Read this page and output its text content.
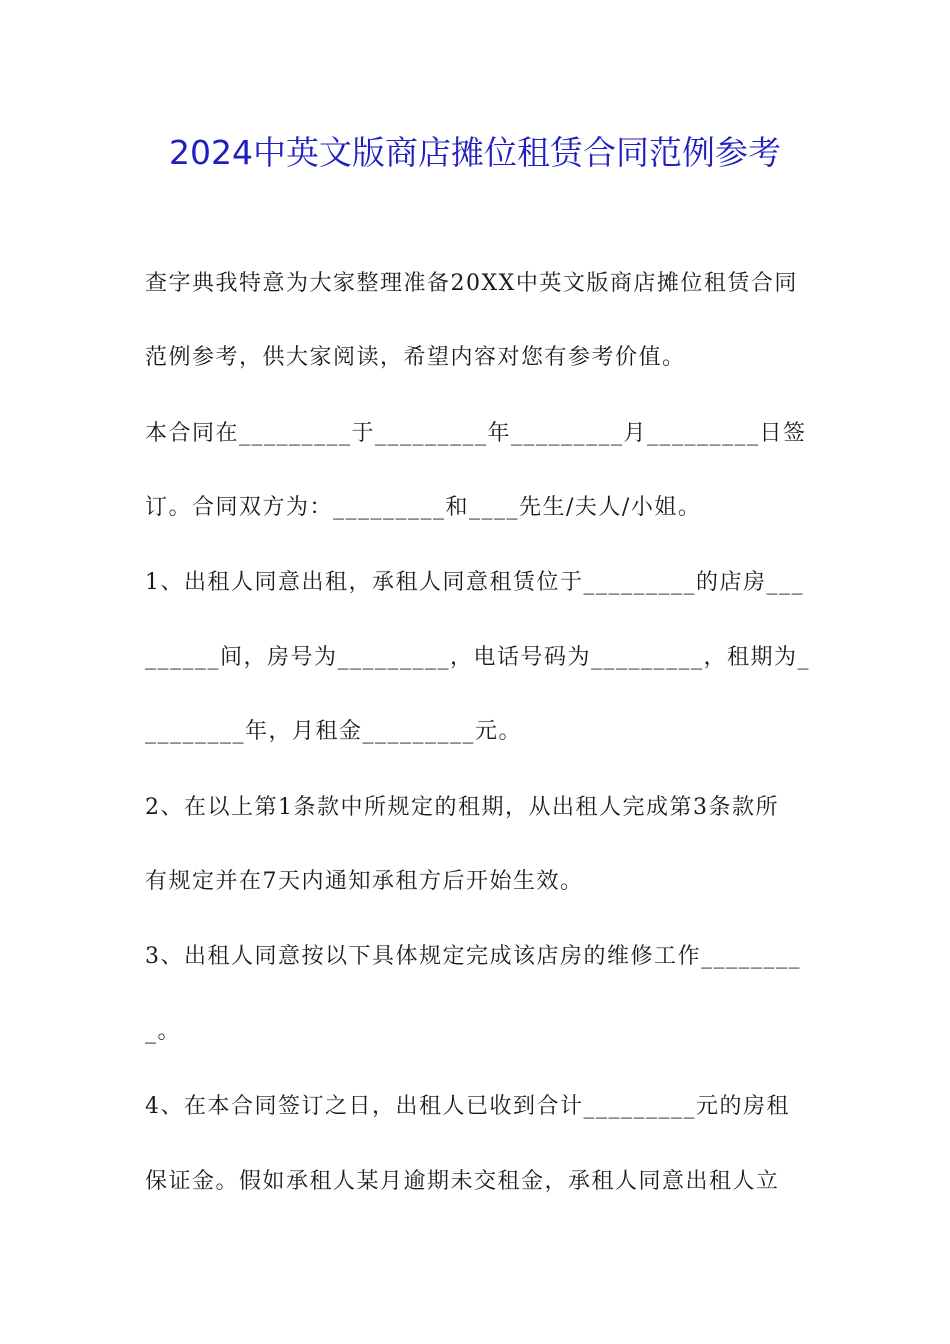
2024中英文版商店摊位租赁合同范例参考
查字典我特意为大家整理准备20XX中英文版商店摊位租赁合同
范例参考，供大家阅读，希望内容对您有参考价值。
本合同在_________于_________年_________月_________日签
订。合同双方为：_________和____先生/夫人/小姐。
1、出租人同意出租，承租人同意租赁位于_________的店房___
______间，房号为_________，电话号码为_________，租期为_
________年，月租金_________元。
2、在以上第1条款中所规定的租期，从出租人完成第3条款所
有规定并在7天内通知承租方后开始生效。
3、出租人同意按以下具体规定完成该店房的维修工作________
_。
4、在本合同签订之日，出租人已收到合计_________元的房租
保证金。假如承租人某月逾期未交租金，承租人同意出租人立
